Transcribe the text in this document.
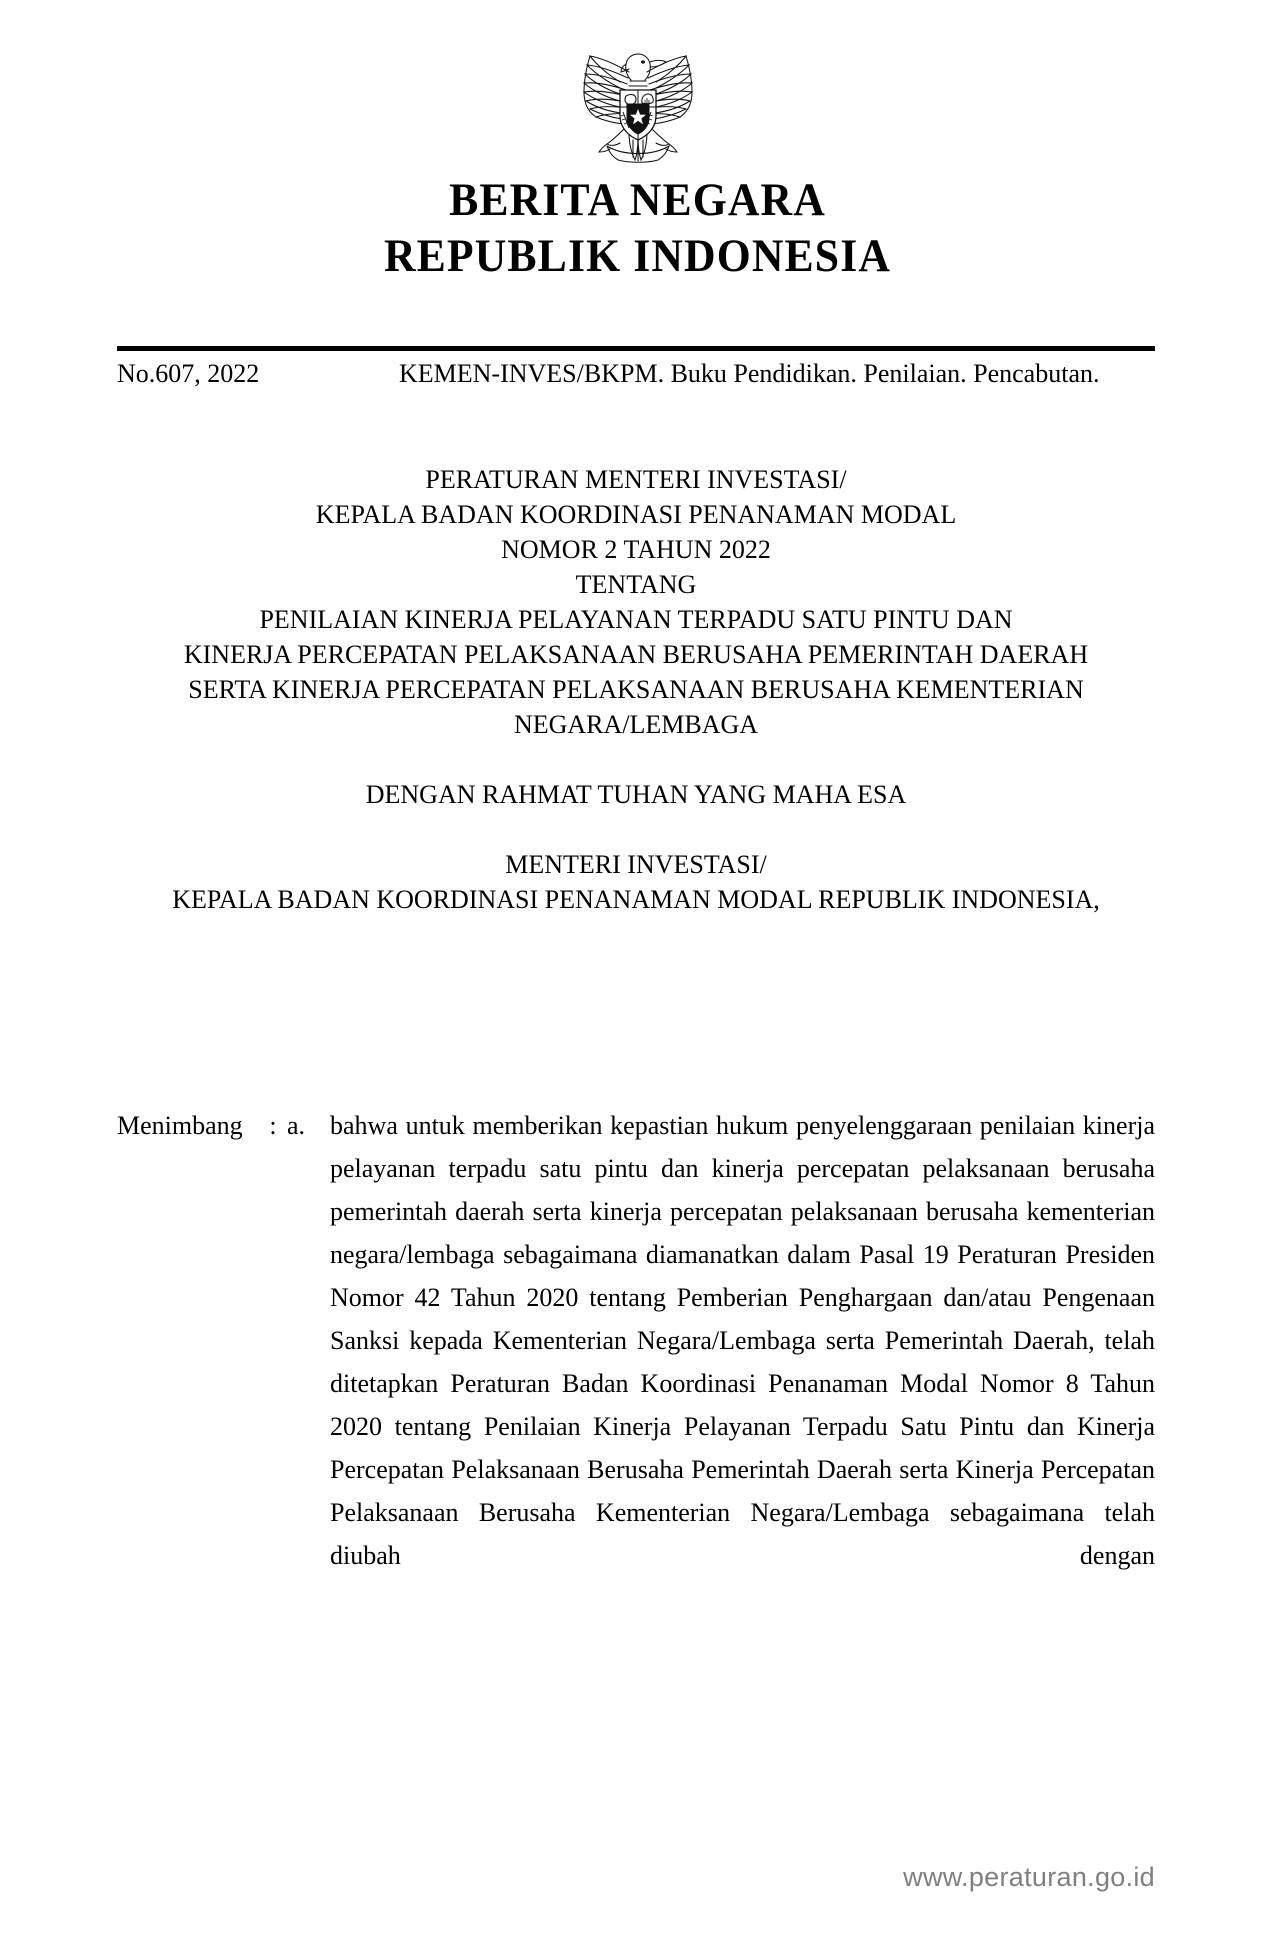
BERITA NEGARA
REPUBLIK INDONESIA
No.607, 2022	KEMEN-INVES/BKPM. Buku Pendidikan. Penilaian. Pencabutan.
PERATURAN MENTERI INVESTASI/
KEPALA BADAN KOORDINASI PENANAMAN MODAL
NOMOR 2 TAHUN 2022
TENTANG
PENILAIAN KINERJA PELAYANAN TERPADU SATU PINTU DAN
KINERJA PERCEPATAN PELAKSANAAN BERUSAHA PEMERINTAH DAERAH
SERTA KINERJA PERCEPATAN PELAKSANAAN BERUSAHA KEMENTERIAN
NEGARA/LEMBAGA
DENGAN RAHMAT TUHAN YANG MAHA ESA
MENTERI INVESTASI/
KEPALA BADAN KOORDINASI PENANAMAN MODAL REPUBLIK INDONESIA,
Menimbang	: a. bahwa untuk memberikan kepastian hukum penyelenggaraan penilaian kinerja pelayanan terpadu satu pintu dan kinerja percepatan pelaksanaan berusaha pemerintah daerah serta kinerja percepatan pelaksanaan berusaha kementerian negara/lembaga sebagaimana diamanatkan dalam Pasal 19 Peraturan Presiden Nomor 42 Tahun 2020 tentang Pemberian Penghargaan dan/atau Pengenaan Sanksi kepada Kementerian Negara/Lembaga serta Pemerintah Daerah, telah ditetapkan Peraturan Badan Koordinasi Penanaman Modal Nomor 8 Tahun 2020 tentang Penilaian Kinerja Pelayanan Terpadu Satu Pintu dan Kinerja Percepatan Pelaksanaan Berusaha Pemerintah Daerah serta Kinerja Percepatan Pelaksanaan Berusaha Kementerian Negara/Lembaga sebagaimana telah diubah dengan
www.peraturan.go.id
